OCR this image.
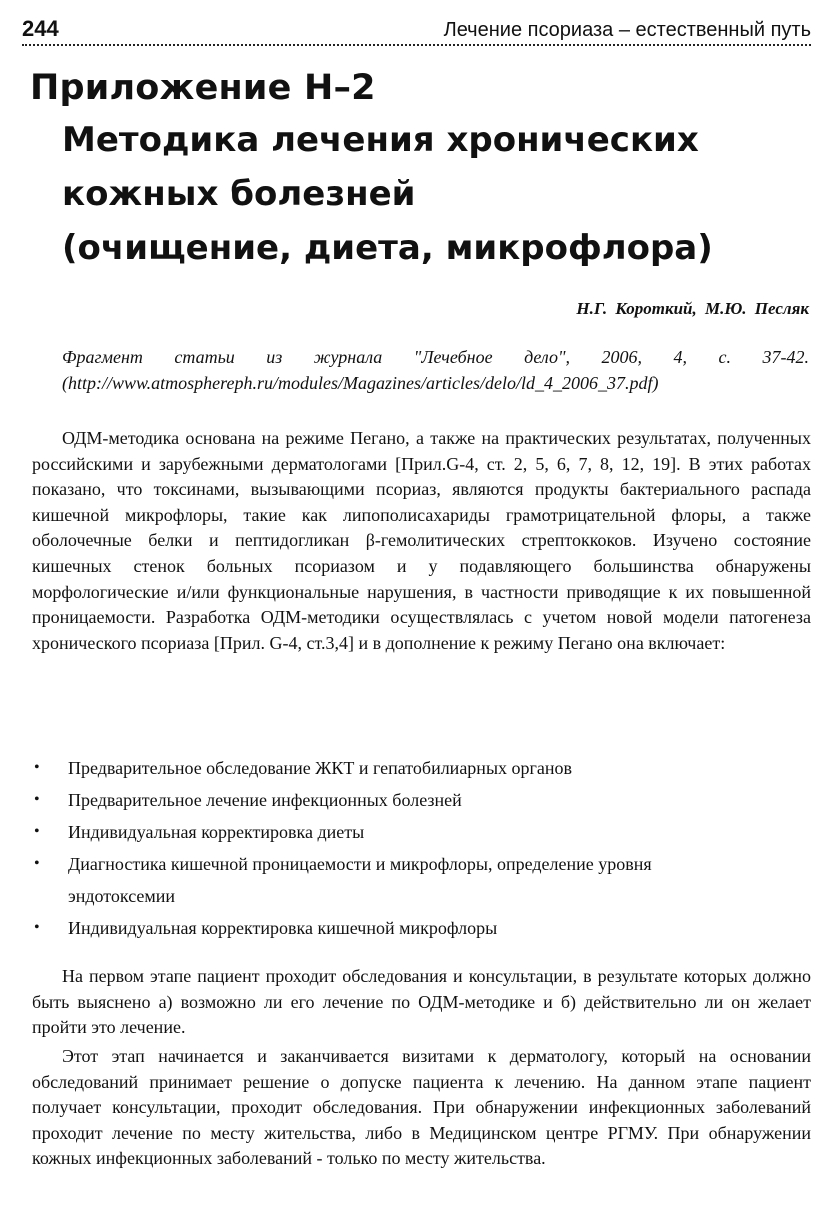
244	Лечение псориаза – естественный путь
Приложение Н–2
Методика лечения хронических
кожных болезней
(очищение, диета, микрофлора)
Н.Г. Короткий, М.Ю. Песляк
Фрагмент статьи из журнала "Лечебное дело", 2006, 4, с. 37-42.
(http://www.atmosphereph.ru/modules/Magazines/articles/delo/ld_4_2006_37.pdf)

ОДМ-методика основана на режиме Пегано, а также на практических результатах, полученных российскими и зарубежными дерматологами [Прил.G-4, ст. 2, 5, 6, 7, 8, 12, 19]. В этих работах показано, что токсинами, вызывающими псориаз, являются продукты бактериального распада кишечной микрофлоры, такие как липополисахариды грамотрицательной флоры, а также оболочечные белки и пептидогликан β-гемолитических стрептоккоков. Изучено состояние кишечных стенок больных псориазом и у подавляющего большинства обнаружены морфологические и/или функциональные нарушения, в частности приводящие к их повышенной проницаемости. Разработка ОДМ-методики осуществлялась с учетом новой модели патогенеза хронического псориаза [Прил. G-4, ст.3,4] и в дополнение к режиму Пегано она включает:

• Предварительное обследование ЖКТ и гепатобилиарных органов
• Предварительное лечение инфекционных болезней
• Индивидуальная корректировка диеты
• Диагностика кишечной проницаемости и микрофлоры, определение уровня эндотоксемии
• Индивидуальная корректировка кишечной микрофлоры

На первом этапе пациент проходит обследования и консультации, в результате которых должно быть выяснено а) возможно ли его лечение по ОДМ-методике и б) действительно ли он желает пройти это лечение.

Этот этап начинается и заканчивается визитами к дерматологу, который на основании обследований принимает решение о допуске пациента к лечению. На данном этапе пациент получает консультации, проходит обследования. При обнаружении инфекционных заболеваний проходит лечение по месту жительства, либо в Медицинском центре РГМУ. При обнаружении кожных инфекционных заболеваний - только по месту жительства.
